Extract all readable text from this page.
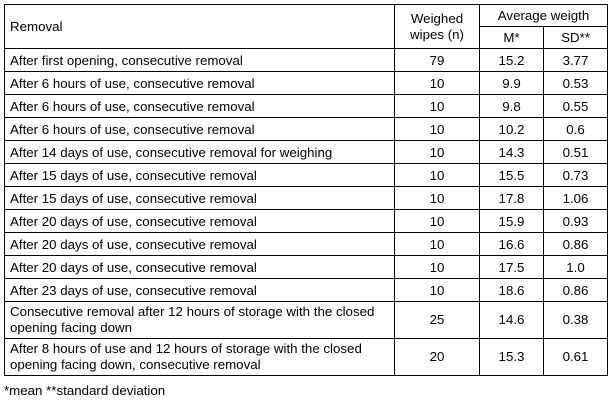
Removal	Weighed wipes (n)	Average weigth	
		M*	SD**
After first opening, consecutive removal	79	15.2	3.77
After 6 hours of use, consecutive removal	10	9.9	0.53
After 6 hours of use, consecutive removal	10	9.8	0.55
After 6 hours of use, consecutive removal	10	10.2	0.6
After 14 days of use, consecutive removal for weighing	10	14.3	0.51
After 15 days of use, consecutive removal	10	15.5	0.73
After 15 days of use, consecutive removal	10	17.8	1.06
After 20 days of use, consecutive removal	10	15.9	0.93
After 20 days of use, consecutive removal	10	16.6	0.86
After 20 days of use, consecutive removal	10	17.5	1.0
After 23 days of use, consecutive removal	10	18.6	0.86
Consecutive removal after 12 hours of storage with the closed opening facing down	25	14.6	0.38
After 8 hours of use and 12 hours of storage with the closed opening facing down, consecutive removal	20	15.3	0.61
*mean **standard deviation
